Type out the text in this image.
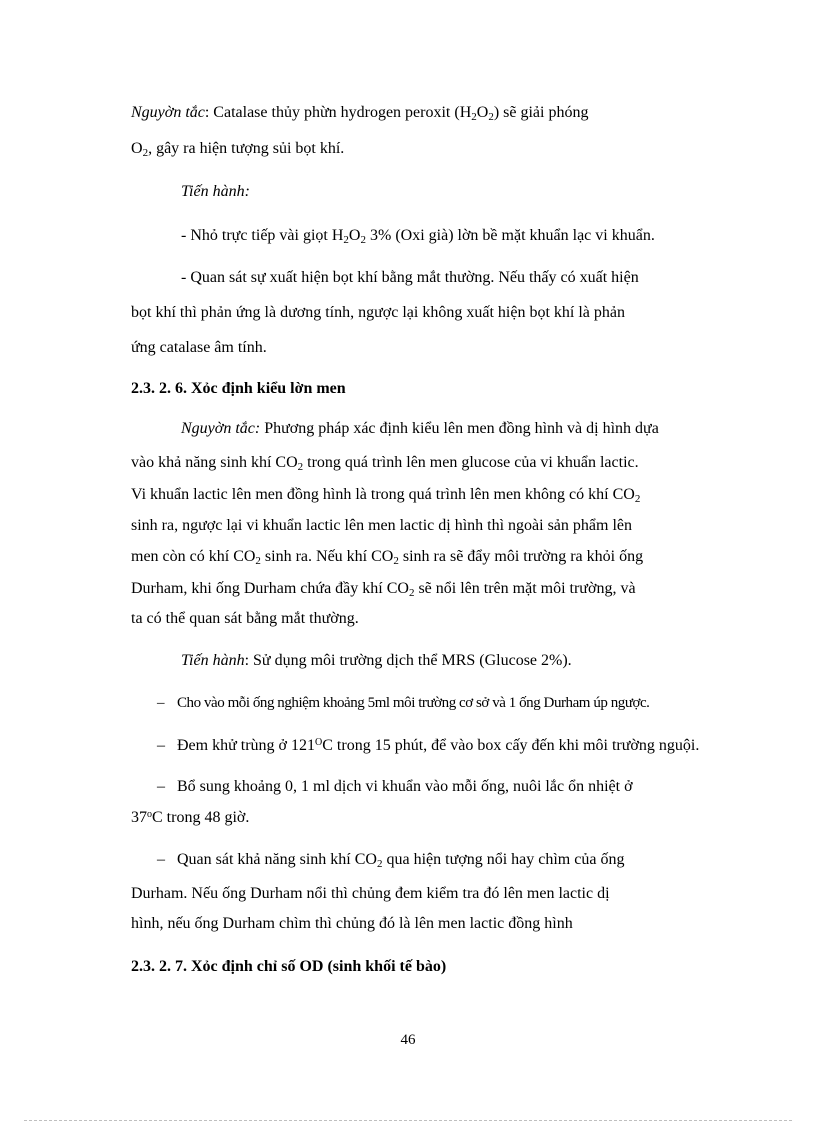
Nguyờn tắc: Catalase thủy phừn hydrogen peroxit $(H_2O_2)$ sẽ giải phóng
$O_2$, gây ra hiện tượng sủi bọt khí.
Tiến hành:
- Nhỏ trực tiếp vài giọt $H_2O_2$ 3% (Oxi già) lờn bề mặt khuẩn lạc vi khuẩn.
- Quan sát sự xuất hiện bọt khí bằng mắt thường. Nếu thấy có xuất hiện
bọt khí thì phản ứng là dương tính, ngược lại không xuất hiện bọt khí là phản
ứng catalase âm tính.
2.3. 2. 6. Xỏc định kiểu lờn men
Nguyờn tắc: Phương pháp xác định kiểu lên men đồng hình và dị hình dựa
vào khả năng sinh khí $CO_2$ trong quá trình lên men glucose của vi khuẩn lactic.
Vi khuẩn lactic lên men đồng hình là trong quá trình lên men không có khí $CO_2$
sinh ra, ngược lại vi khuẩn lactic lên men lactic dị hình thì ngoài sản phẩm lên
men còn có khí $CO_2$ sinh ra. Nếu khí $CO_2$ sinh ra sẽ đẩy môi trường ra khỏi ống
Durham, khi ống Durham chứa đầy khí $CO_2$ sẽ nổi lên trên mặt môi trường, và
ta có thể quan sát bằng mắt thường.
Tiến hành: Sử dụng môi trường dịch thể MRS (Glucose 2%).
– Cho vào mỗi ống nghiệm khoảng 5ml môi trường cơ sở và 1 ống Durham úp ngược.
– Đem khử trùng ở $121^OC$ trong 15 phút, để vào box cấy đến khi môi trường nguội.
– Bổ sung khoảng 0, 1 ml dịch vi khuẩn vào mỗi ống, nuôi lắc ổn nhiệt ở
37$^o$C trong 48 giờ.
– Quan sát khả năng sinh khí $CO_2$ qua hiện tượng nổi hay chìm của ống
Durham. Nếu ống Durham nổi thì chủng đem kiểm tra đó lên men lactic dị
hình, nếu ống Durham chìm thì chủng đó là lên men lactic đồng hình
2.3. 2. 7. Xỏc định chỉ số OD (sinh khối tế bào)
46
